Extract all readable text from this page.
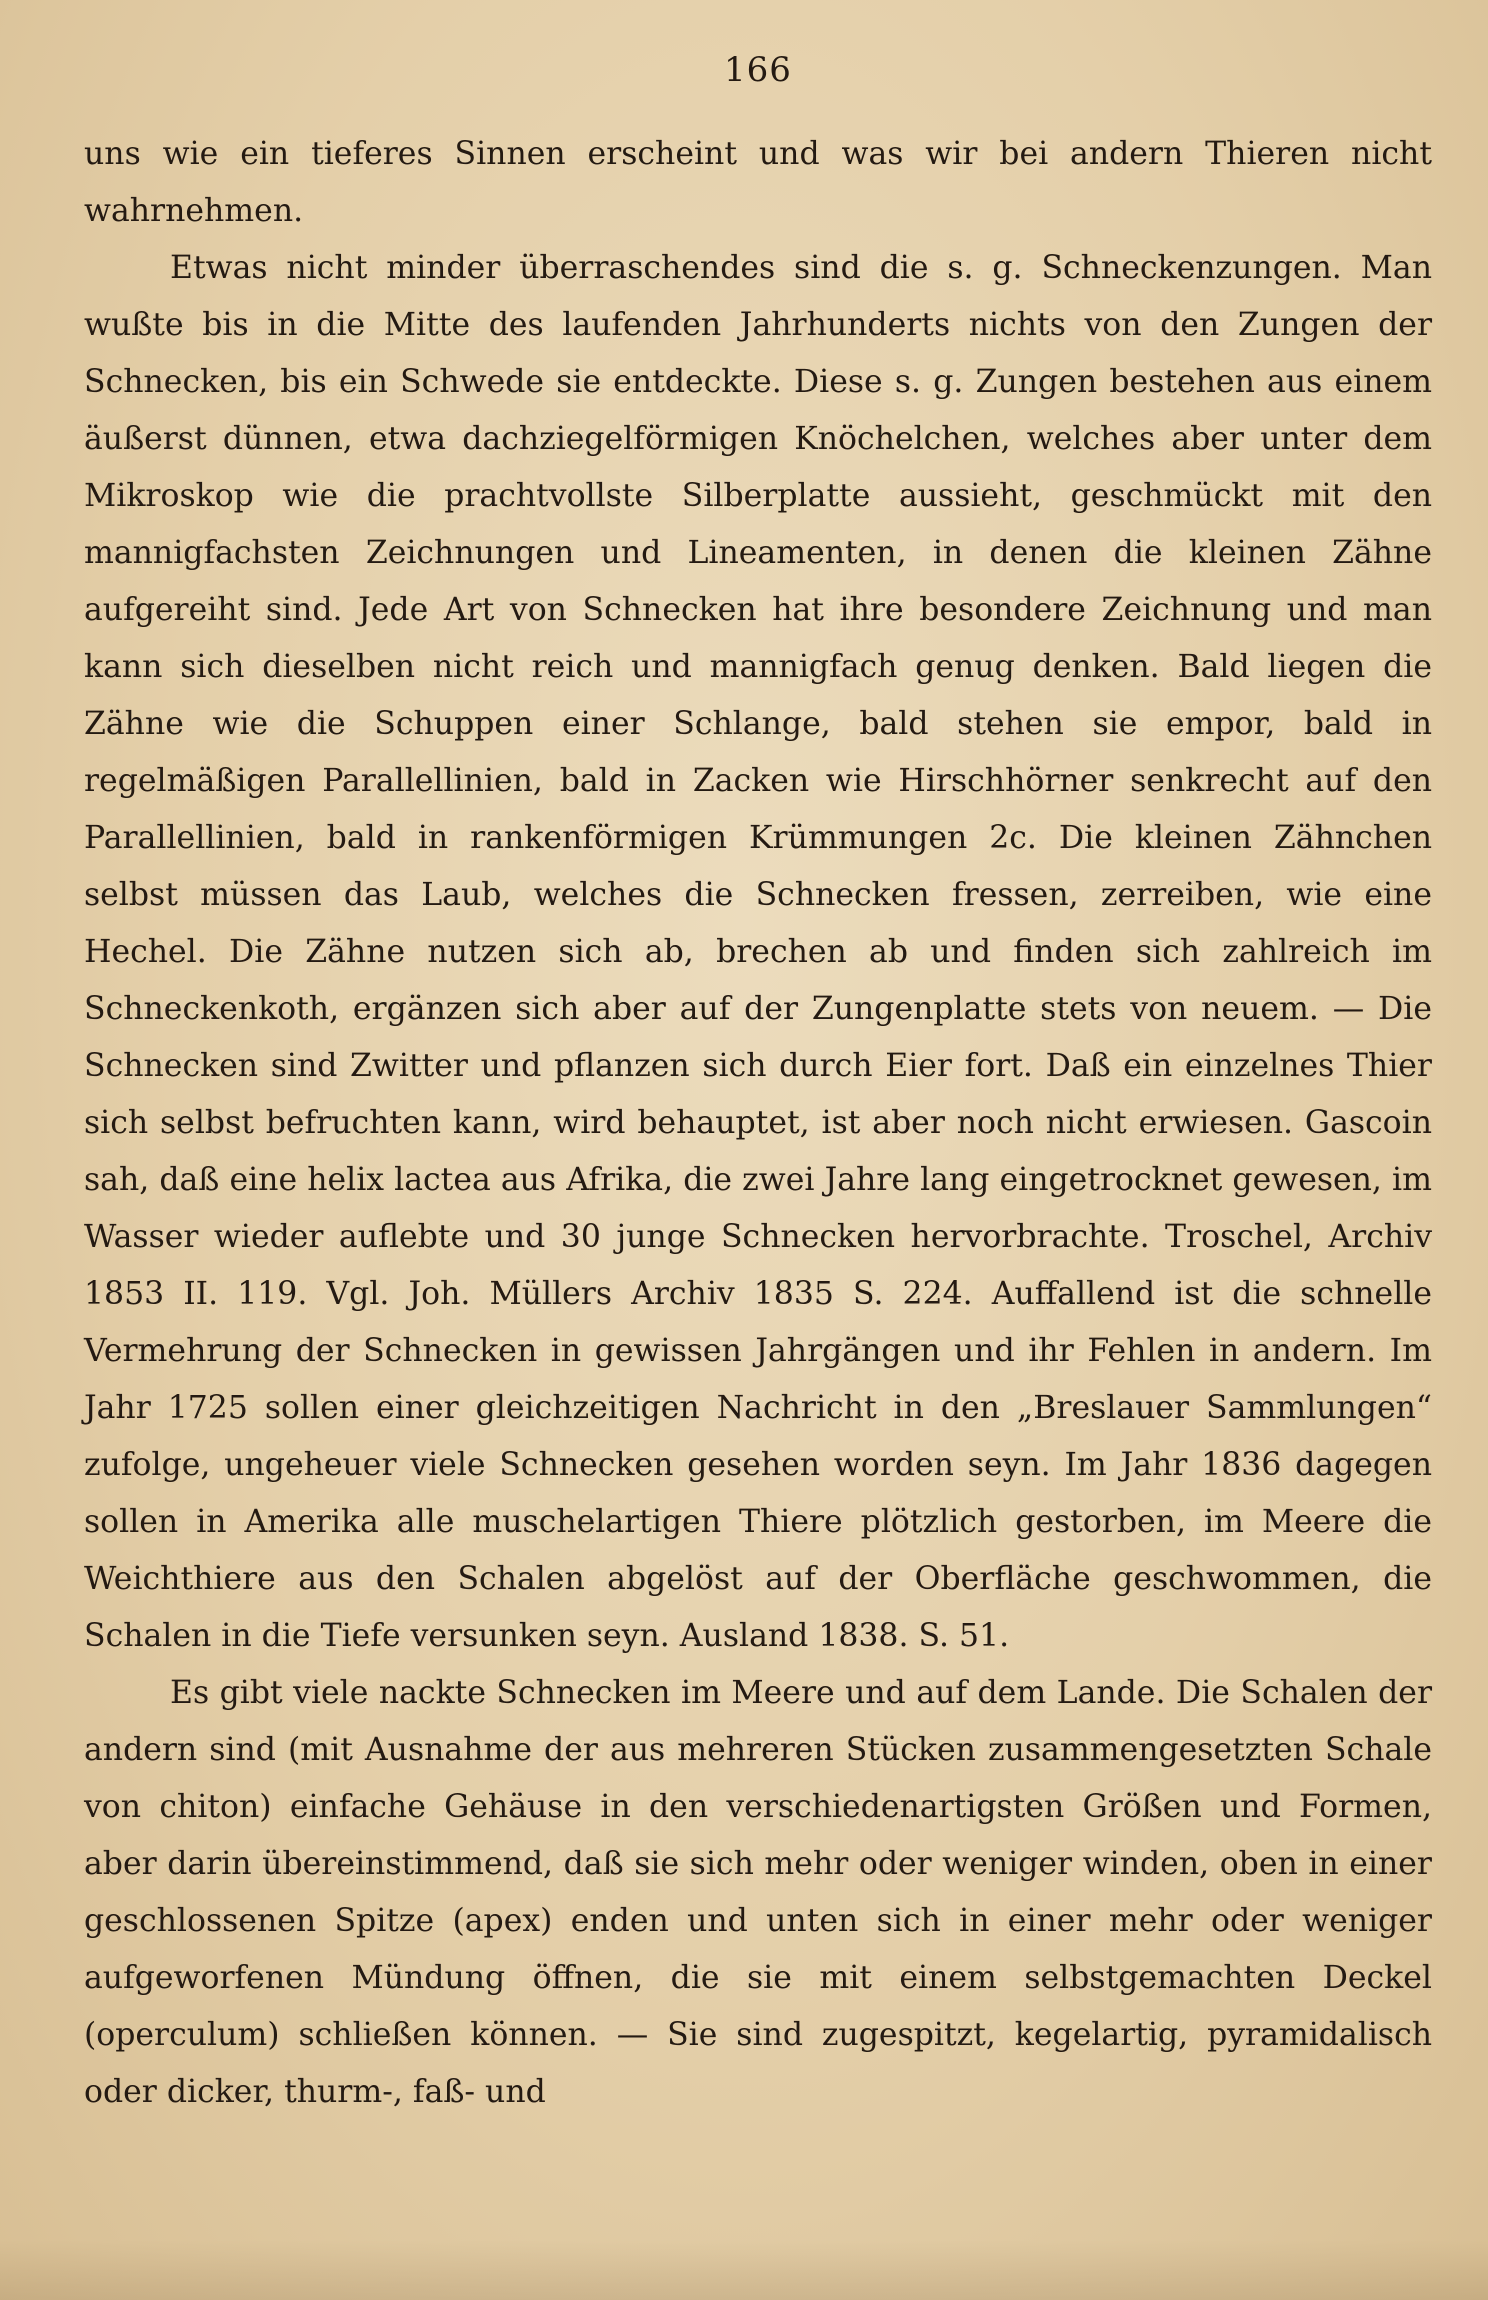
166

uns wie ein tieferes Sinnen erscheint und was wir bei andern Thieren nicht wahrnehmen.

Etwas nicht minder überraschendes sind die s. g. Schneckenzungen. Man wußte bis in die Mitte des laufenden Jahrhunderts nichts von den Zungen der Schnecken, bis ein Schwede sie entdeckte. Diese s. g. Zungen bestehen aus einem äußerst dünnen, etwa dachziegelförmigen Knöchelchen, welches aber unter dem Mikroskop wie die prachtvollste Silberplatte aussieht, geschmückt mit den mannigfachsten Zeichnungen und Lineamenten, in denen die kleinen Zähne aufgereiht sind. Jede Art von Schnecken hat ihre besondere Zeichnung und man kann sich dieselben nicht reich und mannigfach genug denken. Bald liegen die Zähne wie die Schuppen einer Schlange, bald stehen sie empor, bald in regelmäßigen Parallellinien, bald in Zacken wie Hirschhörner senkrecht auf den Parallellinien, bald in rankenförmigen Krümmungen 2c. Die kleinen Zähnchen selbst müssen das Laub, welches die Schnecken fressen, zerreiben, wie eine Hechel. Die Zähne nutzen sich ab, brechen ab und finden sich zahlreich im Schneckenkoth, ergänzen sich aber auf der Zungenplatte stets von neuem. — Die Schnecken sind Zwitter und pflanzen sich durch Eier fort. Daß ein einzelnes Thier sich selbst befruchten kann, wird behauptet, ist aber noch nicht erwiesen. Gascoin sah, daß eine helix lactea aus Afrika, die zwei Jahre lang eingetrocknet gewesen, im Wasser wieder auflebte und 30 junge Schnecken hervorbrachte. Troschel, Archiv 1853 II. 119. Vgl. Joh. Müllers Archiv 1835 S. 224. Auffallend ist die schnelle Vermehrung der Schnecken in gewissen Jahrgängen und ihr Fehlen in andern. Im Jahr 1725 sollen einer gleichzeitigen Nachricht in den „Breslauer Sammlungen“ zufolge, ungeheuer viele Schnecken gesehen worden seyn. Im Jahr 1836 dagegen sollen in Amerika alle muschelartigen Thiere plötzlich gestorben, im Meere die Weichthiere aus den Schalen abgelöst auf der Oberfläche geschwommen, die Schalen in die Tiefe versunken seyn. Ausland 1838. S. 51.

Es gibt viele nackte Schnecken im Meere und auf dem Lande. Die Schalen der andern sind (mit Ausnahme der aus mehreren Stücken zusammengesetzten Schale von chiton) einfache Gehäuse in den verschiedenartigsten Größen und Formen, aber darin übereinstimmend, daß sie sich mehr oder weniger winden, oben in einer geschlossenen Spitze (apex) enden und unten sich in einer mehr oder weniger aufgeworfenen Mündung öffnen, die sie mit einem selbstgemachten Deckel (operculum) schließen können. — Sie sind zugespitzt, kegelartig, pyramidalisch oder dicker, thurm-, faß- und
